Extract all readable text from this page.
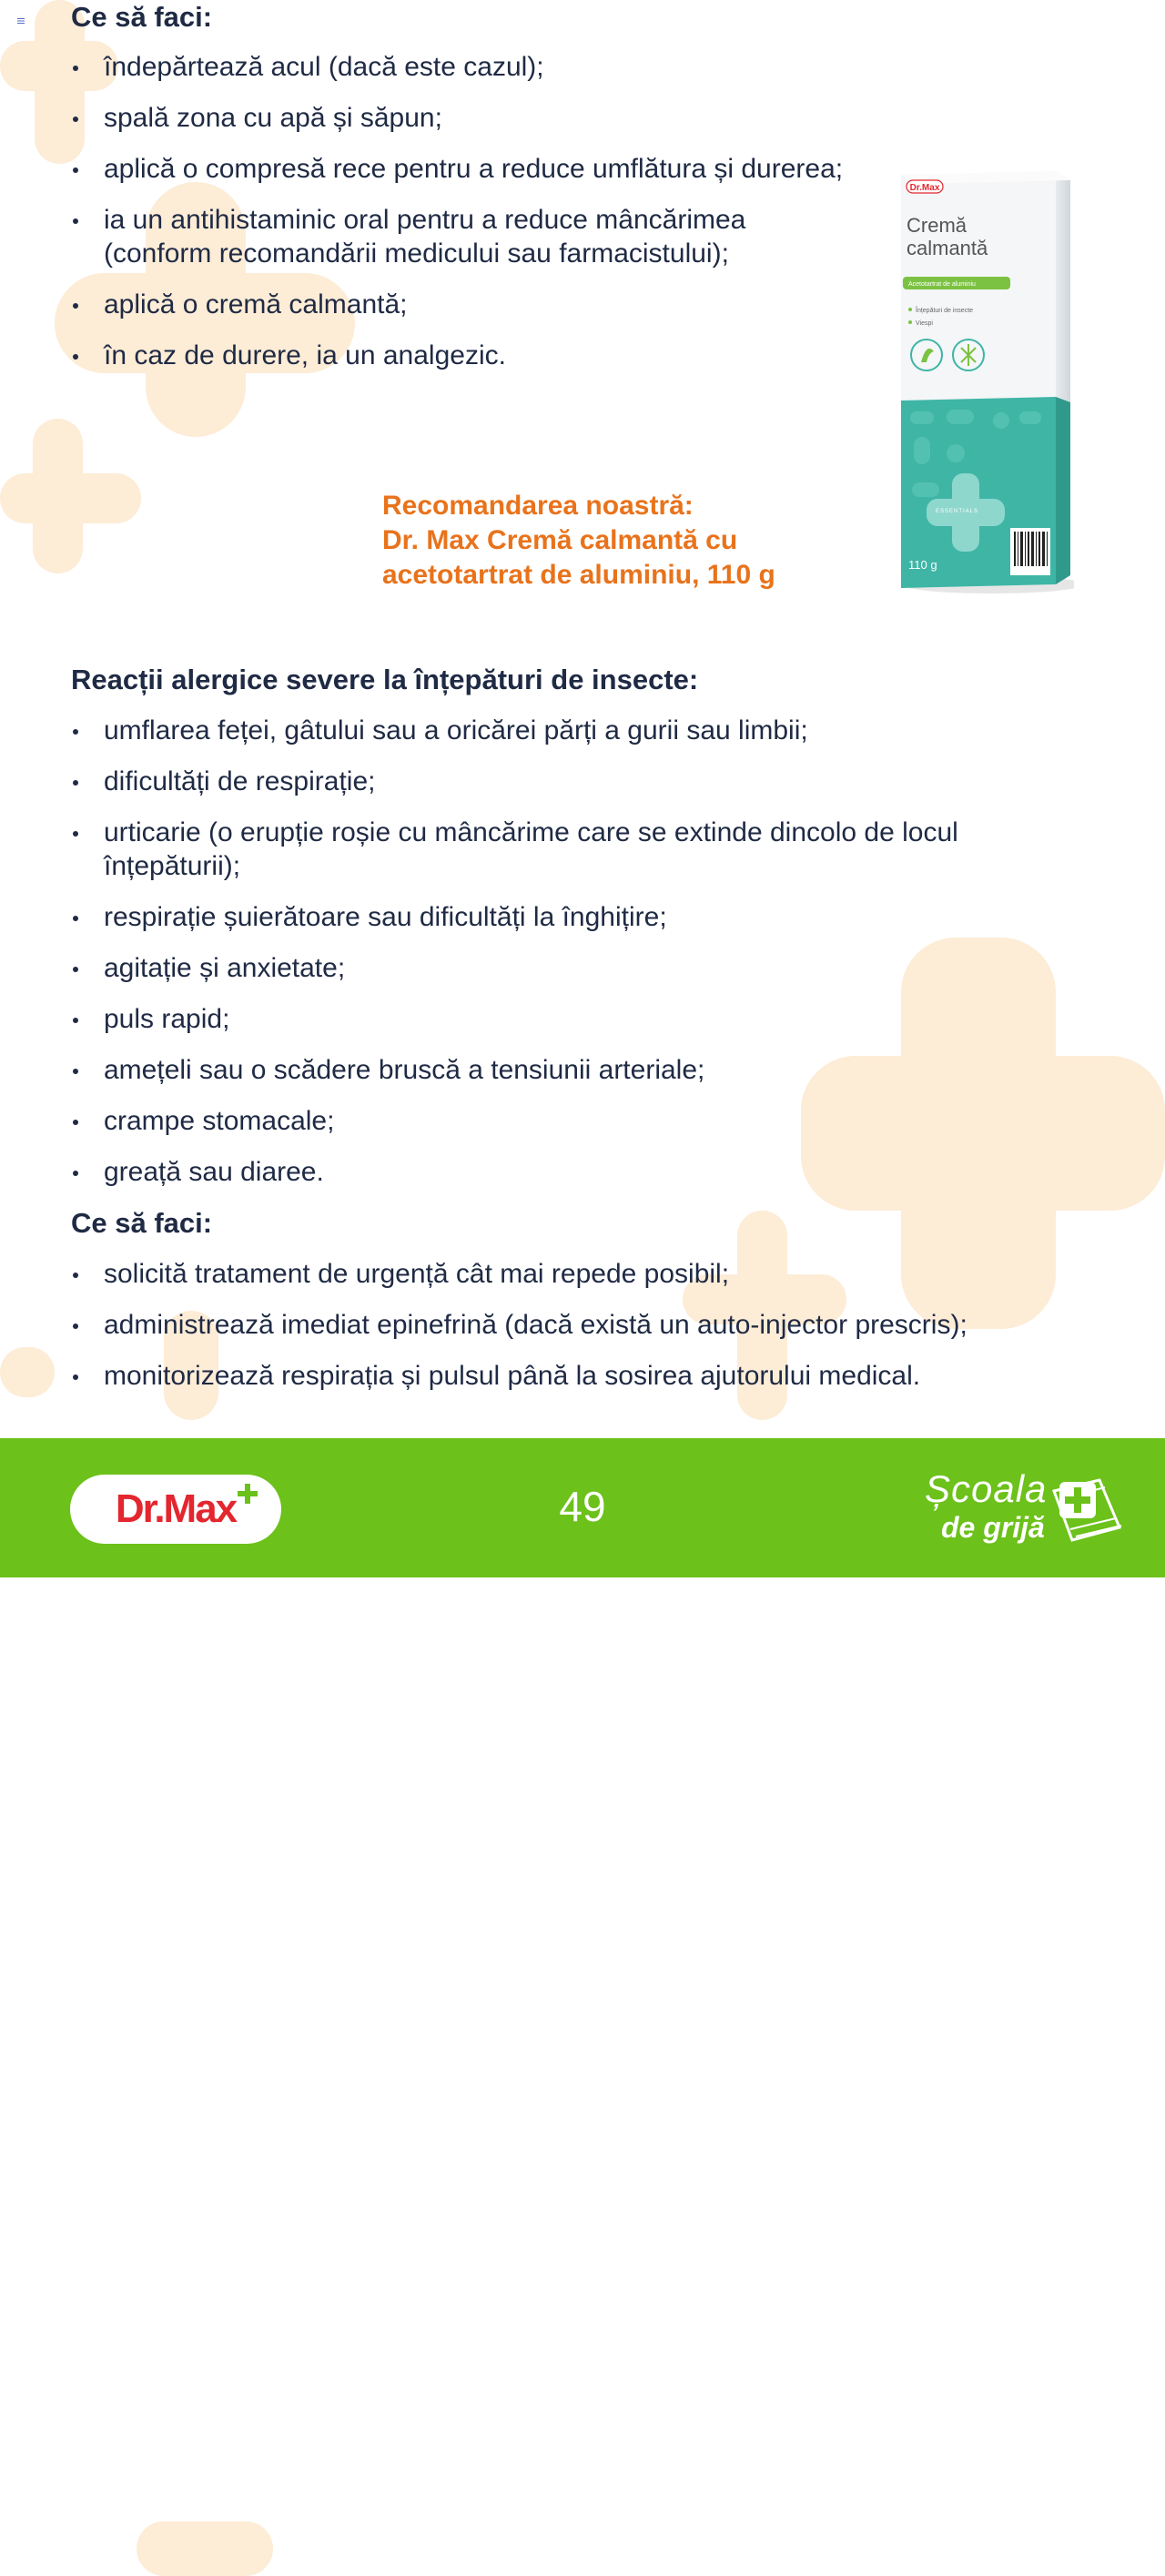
Ce să faci:
îndepărtează acul (dacă este cazul);
spală zona cu apă și săpun;
aplică o compresă rece pentru a reduce umflătura și durerea;
ia un antihistaminic oral pentru a reduce mâncărimea (conform recomandării medicului sau farmacistului);
aplică o cremă calmantă;
în caz de durere, ia un analgezic.
Recomandarea noastră:
Dr. Max Cremă calmantă cu
acetotartrat de aluminiu, 110 g
Reacții alergice severe la înțepături de insecte:
umflarea feței, gâtului sau a oricărei părți a gurii sau limbii;
dificultăți de respirație;
urticarie (o erupție roșie cu mâncărime care se extinde dincolo de locul înțepăturii);
respirație șuierătoare sau dificultăți la înghițire;
agitație și anxietate;
puls rapid;
amețeli sau o scădere bruscă a tensiunii arteriale;
crampe stomacale;
greață sau diaree.
Ce să faci:
solicită tratament de urgență cât mai repede posibil;
administrează imediat epinefrină (dacă există un auto-injector prescris);
monitorizează respirația și pulsul până la sosirea ajutorului medical.
Dr.Max
Cremă
calmantă
Acetotartrat de aluminiu
Înțepături de insecte
Viespi
ESSENTIALS
110 g
Dr.Max	49	Școala
de grijă
